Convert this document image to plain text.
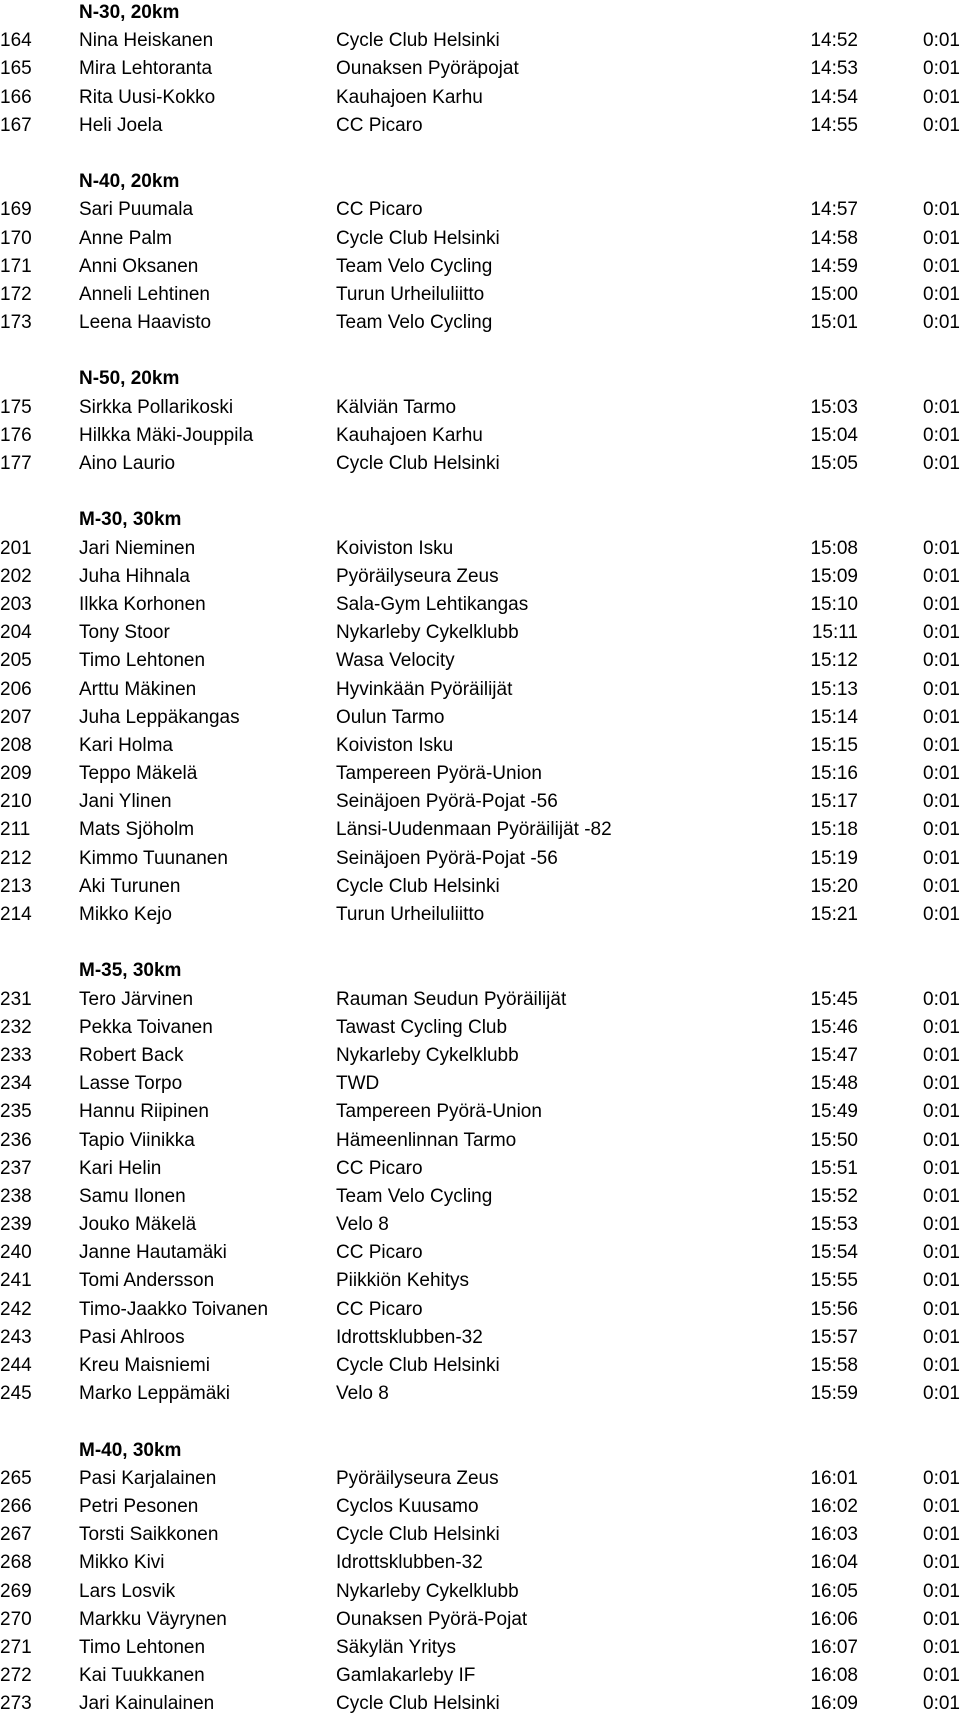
N-30, 20km
164 Nina Heiskanen	Cycle Club Helsinki	14:52	0:01
165 Mira Lehtoranta	Ounaksen Pyöräpojat	14:53	0:01
166 Rita Uusi-Kokko	Kauhajoen Karhu	14:54	0:01
167 Heli Joela	CC Picaro	14:55	0:01
N-40, 20km
169 Sari Puumala	CC Picaro	14:57	0:01
170 Anne Palm	Cycle Club Helsinki	14:58	0:01
171 Anni Oksanen	Team Velo Cycling	14:59	0:01
172 Anneli Lehtinen	Turun Urheiluliitto	15:00	0:01
173 Leena Haavisto	Team Velo Cycling	15:01	0:01
N-50, 20km
175 Sirkka Pollarikoski	Kälviän Tarmo	15:03	0:01
176 Hilkka Mäki-Jouppila	Kauhajoen Karhu	15:04	0:01
177 Aino Laurio	Cycle Club Helsinki	15:05	0:01
M-30, 30km
201 Jari Nieminen	Koiviston Isku	15:08	0:01
202 Juha Hihnala	Pyöräilyseura Zeus	15:09	0:01
203 Ilkka Korhonen	Sala-Gym Lehtikangas	15:10	0:01
204 Tony Stoor	Nykarleby Cykelklubb	15:11	0:01
205 Timo Lehtonen	Wasa Velocity	15:12	0:01
206 Arttu Mäkinen	Hyvinkään Pyöräilijät	15:13	0:01
207 Juha Leppäkangas	Oulun Tarmo	15:14	0:01
208 Kari Holma	Koiviston Isku	15:15	0:01
209 Teppo Mäkelä	Tampereen Pyörä-Union	15:16	0:01
210 Jani Ylinen	Seinäjoen Pyörä-Pojat -56	15:17	0:01
211	Mats Sjöholm	Länsi-Uudenmaan Pyöräilijät -82	15:18	0:01
212 Kimmo Tuunanen	Seinäjoen Pyörä-Pojat -56	15:19	0:01
213 Aki Turunen	Cycle Club Helsinki	15:20	0:01
214 Mikko Kejo	Turun Urheiluliitto	15:21	0:01
M-35, 30km
231 Tero Järvinen	Rauman Seudun Pyöräilijät	15:45	0:01
232 Pekka Toivanen	Tawast Cycling Club	15:46	0:01
233 Robert Back	Nykarleby Cykelklubb	15:47	0:01
234 Lasse Torpo	TWD	15:48	0:01
235 Hannu Riipinen	Tampereen Pyörä-Union	15:49	0:01
236 Tapio Viinikka	Hämeenlinnan Tarmo	15:50	0:01
237 Kari Helin	CC Picaro	15:51	0:01
238 Samu Ilonen	Team Velo Cycling	15:52	0:01
239 Jouko Mäkelä	Velo 8	15:53	0:01
240 Janne Hautamäki	CC Picaro	15:54	0:01
241 Tomi Andersson	Piikkiön Kehitys	15:55	0:01
242 Timo-Jaakko Toivanen	CC Picaro	15:56	0:01
243 Pasi Ahlroos	Idrottsklubben-32	15:57	0:01
244 Kreu Maisniemi	Cycle Club Helsinki	15:58	0:01
245 Marko Leppämäki	Velo 8	15:59	0:01
M-40, 30km
265 Pasi Karjalainen	Pyöräilyseura Zeus	16:01	0:01
266 Petri Pesonen	Cyclos Kuusamo	16:02	0:01
267 Torsti Saikkonen	Cycle Club Helsinki	16:03	0:01
268 Mikko Kivi	Idrottsklubben-32	16:04	0:01
269 Lars Losvik	Nykarleby Cykelklubb	16:05	0:01
270 Markku Väyrynen	Ounaksen Pyörä-Pojat	16:06	0:01
271 Timo Lehtonen	Säkylän Yritys	16:07	0:01
272 Kai Tuukkanen	Gamlakarleby IF	16:08	0:01
273 Jari Kainulainen	Cycle Club Helsinki	16:09	0:01
